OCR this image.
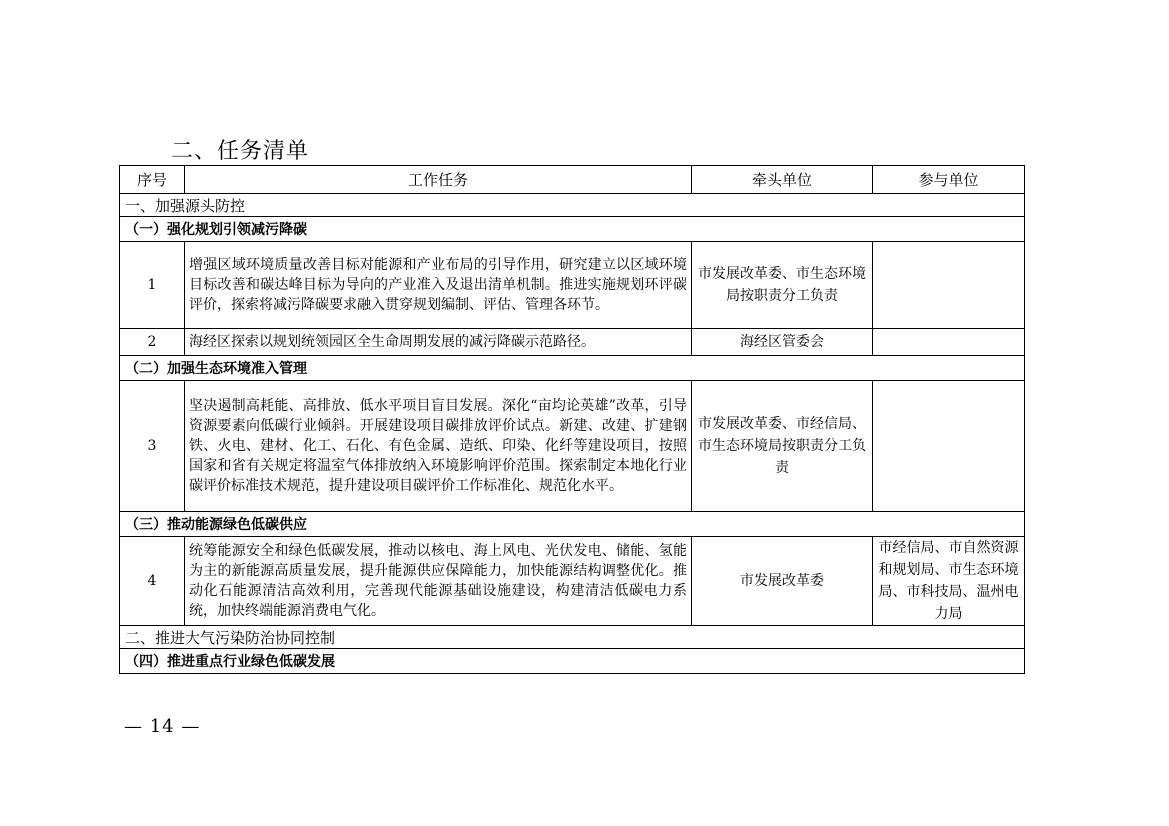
二、任务清单
序号	工作任务	牵头单位	参与单位
一、加强源头防控			
（一）强化规划引领减污降碳			
1	增强区域环境质量改善目标对能源和产业布局的引导作用，研究建立以区域环境目标改善和碳达峰目标为导向的产业准入及退出清单机制。推进实施规划环评碳评价，探索将减污降碳要求融入贯穿规划编制、评估、管理各环节。	市发展改革委、市生态环境局按职责分工负责	
2	海经区探索以规划统领园区全生命周期发展的减污降碳示范路径。	海经区管委会	
（二）加强生态环境准入管理			
3	坚决遏制高耗能、高排放、低水平项目盲目发展。深化“亩均论英雄”改革，引导资源要素向低碳行业倾斜。开展建设项目碳排放评价试点。新建、改建、扩建钢铁、火电、建材、化工、石化、有色金属、造纸、印染、化纤等建设项目，按照国家和省有关规定将温室气体排放纳入环境影响评价范围。探索制定本地化行业碳评价标准技术规范，提升建设项目碳评价工作标准化、规范化水平。	市发展改革委、市经信局、市生态环境局按职责分工负责	
（三）推动能源绿色低碳供应			
4	统筹能源安全和绿色低碳发展，推动以核电、海上风电、光伏发电、储能、氢能为主的新能源高质量发展，提升能源供应保障能力，加快能源结构调整优化。推动化石能源清洁高效利用，完善现代能源基础设施建设，构建清洁低碳电力系统，加快终端能源消费电气化。	市发展改革委	市经信局、市自然资源和规划局、市生态环境局、市科技局、温州电力局
二、推进大气污染防治协同控制			
（四）推进重点行业绿色低碳发展			
— 14 —
